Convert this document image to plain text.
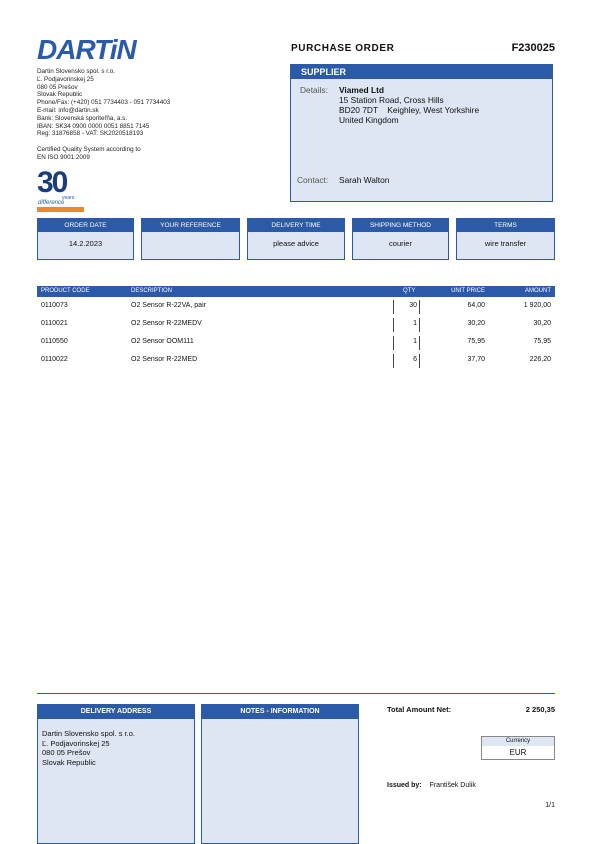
DARTiN
Dartin Slovensko spol. s r.o.
Ľ. Podjavorinskej 25
080 05 Prešov
Slovak Republic
Phone/Fax: (+420) 051 7734403 - 051 7734403
E-mail: info@dartin.sk
Bank: Slovenská sporiteľňa, a.s.
IBAN: SK34 0900 0000 0051 8851 7145
Reg: 31876858 - VAT: SK2020518193
Certified Quality System according to
EN ISO 9001:2009
30
years
difference
PURCHASE ORDER	F230025
SUPPLIER
Details: Viamed Ltd
15 Station Road, Cross Hills
BD20 7DT    Keighley, West Yorkshire
United Kingdom
Contact: Sarah Walton
ORDER DATE
14.2.2023
YOUR REFERENCE	DELIVERY TIME
please advice
SHIPPING METHOD
courier
TERMS
wire transfer
PRODUCT CODE	DESCRIPTION	QTY	UNIT PRICE	AMOUNT
0110073	O2 Sensor R-22VA, pair	30	64,00	1 920,00
0110021	O2 Sensor R-22MEDV	1	30,20	30,20
0110550	O2 Sensor OOM111	1	75,95	75,95
0110022	O2 Sensor R-22MED	6	37,70	226,20
DELIVERY ADDRESS
Dartin Slovensko spol. s r.o.
Ľ. Podjavorinskej 25
080 05 Prešov
Slovak Republic
NOTES - INFORMATION	Total Amount Net:	2 250,35
Currency
EUR
Issued by: František Dulik
1/1
